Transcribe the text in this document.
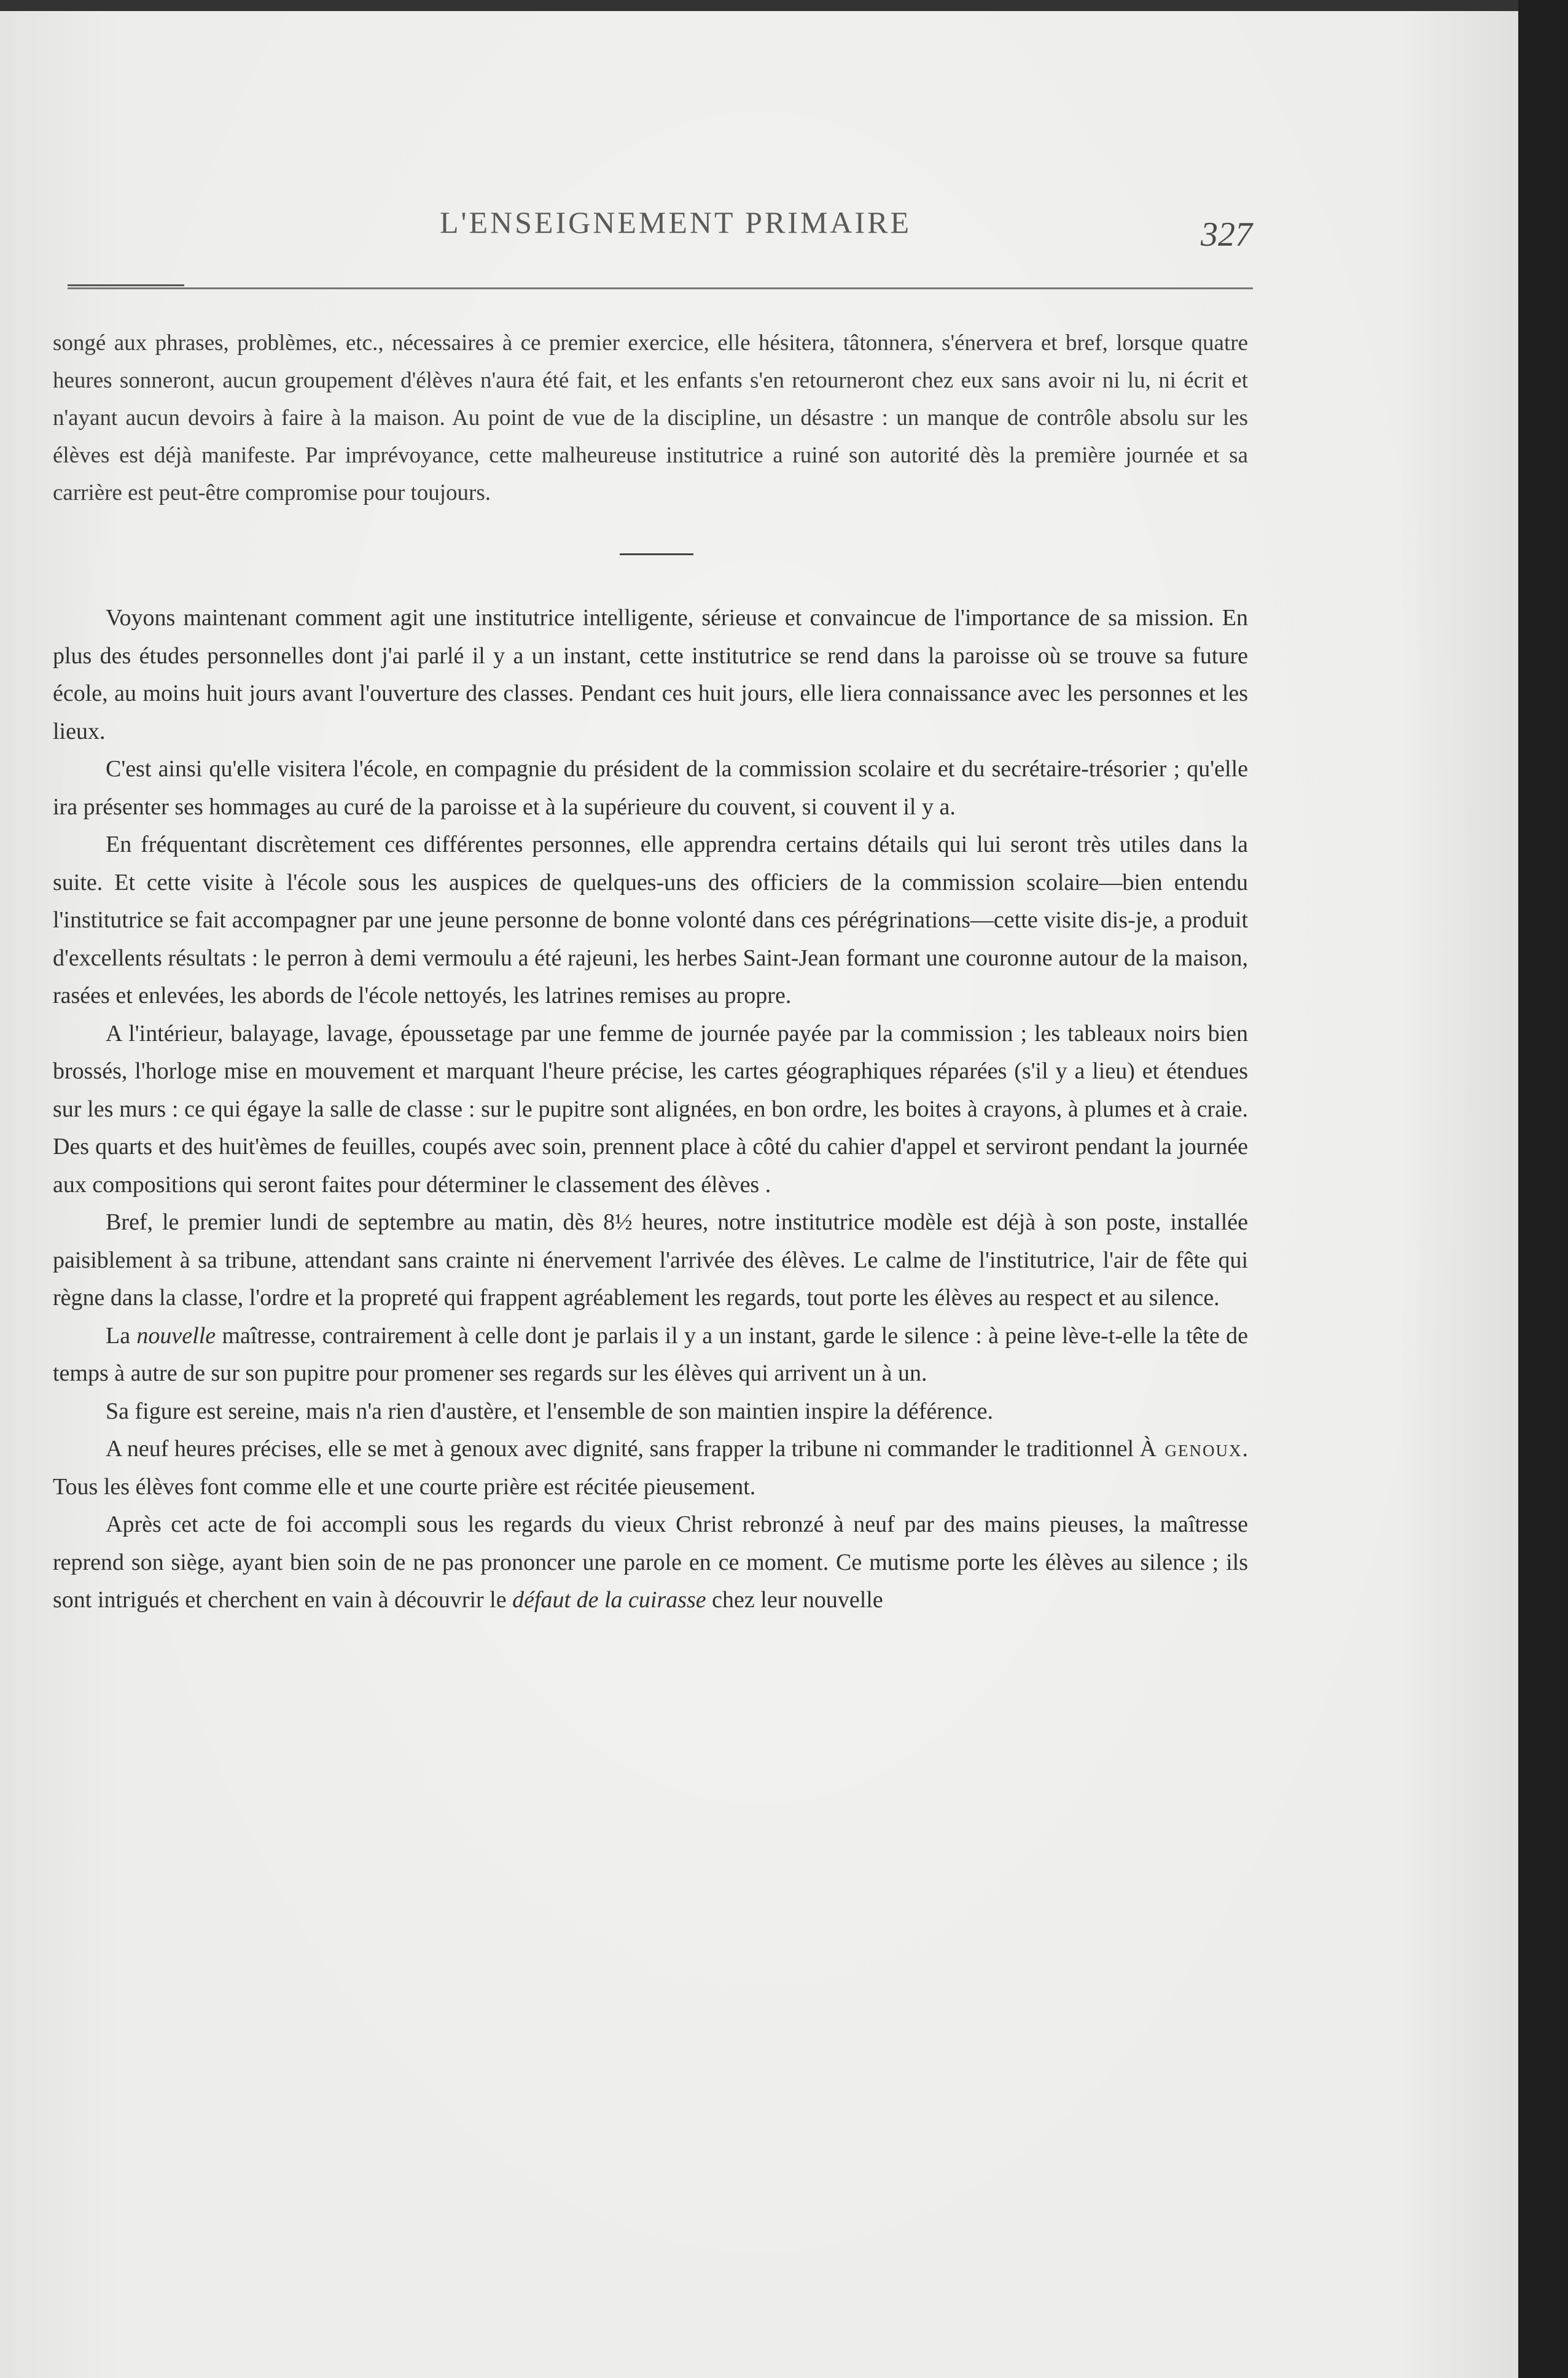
L'ENSEIGNEMENT PRIMAIRE	327

songé aux phrases, problèmes, etc., nécessaires à ce premier exercice, elle hésitera, tâtonnera, s'énervera et bref, lorsque quatre heures sonneront, aucun groupement d'élèves n'aura été fait, et les enfants s'en retourneront chez eux sans avoir ni lu, ni écrit et n'ayant aucun devoirs à faire à la maison. Au point de vue de la discipline, un désastre : un manque de contrôle absolu sur les élèves est déjà manifeste. Par imprévoyance, cette malheureuse institutrice a ruiné son autorité dès la première journée et sa carrière est peut-être compromise pour toujours.

Voyons maintenant comment agit une institutrice intelligente, sérieuse et convaincue de l'importance de sa mission. En plus des études personnelles dont j'ai parlé il y a un instant, cette institutrice se rend dans la paroisse où se trouve sa future école, au moins huit jours avant l'ouverture des classes. Pendant ces huit jours, elle liera connaissance avec les personnes et les lieux.

C'est ainsi qu'elle visitera l'école, en compagnie du président de la commission scolaire et du secrétaire-trésorier ; qu'elle ira présenter ses hommages au curé de la paroisse et à la supérieure du couvent, si couvent il y a.

En fréquentant discrètement ces différentes personnes, elle apprendra certains détails qui lui seront très utiles dans la suite. Et cette visite à l'école sous les auspices de quelques-uns des officiers de la commission scolaire—bien entendu l'institutrice se fait accompagner par une jeune personne de bonne volonté dans ces pérégrinations—cette visite dis-je, a produit d'excellents résultats : le perron à demi vermoulu a été rajeuni, les herbes Saint-Jean formant une couronne autour de la maison, rasées et enlevées, les abords de l'école nettoyés, les latrines remises au propre.

A l'intérieur, balayage, lavage, époussetage par une femme de journée payée par la commission ; les tableaux noirs bien brossés, l'horloge mise en mouvement et marquant l'heure précise, les cartes géographiques réparées (s'il y a lieu) et étendues sur les murs : ce qui égaye la salle de classe : sur le pupitre sont alignées, en bon ordre, les boites à crayons, à plumes et à craie. Des quarts et des huit'èmes de feuilles, coupés avec soin, prennent place à côté du cahier d'appel et serviront pendant la journée aux compositions qui seront faites pour déterminer le classement des élèves .

Bref, le premier lundi de septembre au matin, dès 8½ heures, notre institutrice modèle est déjà à son poste, installée paisiblement à sa tribune, attendant sans crainte ni énervement l'arrivée des élèves. Le calme de l'institutrice, l'air de fête qui règne dans la classe, l'ordre et la propreté qui frappent agréablement les regards, tout porte les élèves au respect et au silence.

La nouvelle maîtresse, contrairement à celle dont je parlais il y a un instant, garde le silence : à peine lève-t-elle la tête de temps à autre de sur son pupitre pour promener ses regards sur les élèves qui arrivent un à un.

Sa figure est sereine, mais n'a rien d'austère, et l'ensemble de son maintien inspire la déférence.

A neuf heures précises, elle se met à genoux avec dignité, sans frapper la tribune ni commander le traditionnel À genoux. Tous les élèves font comme elle et une courte prière est récitée pieusement.

Après cet acte de foi accompli sous les regards du vieux Christ rebronzé à neuf par des mains pieuses, la maîtresse reprend son siège, ayant bien soin de ne pas prononcer une parole en ce moment. Ce mutisme porte les élèves au silence ; ils sont intrigués et cherchent en vain à découvrir le défaut de la cuirasse chez leur nouvelle
